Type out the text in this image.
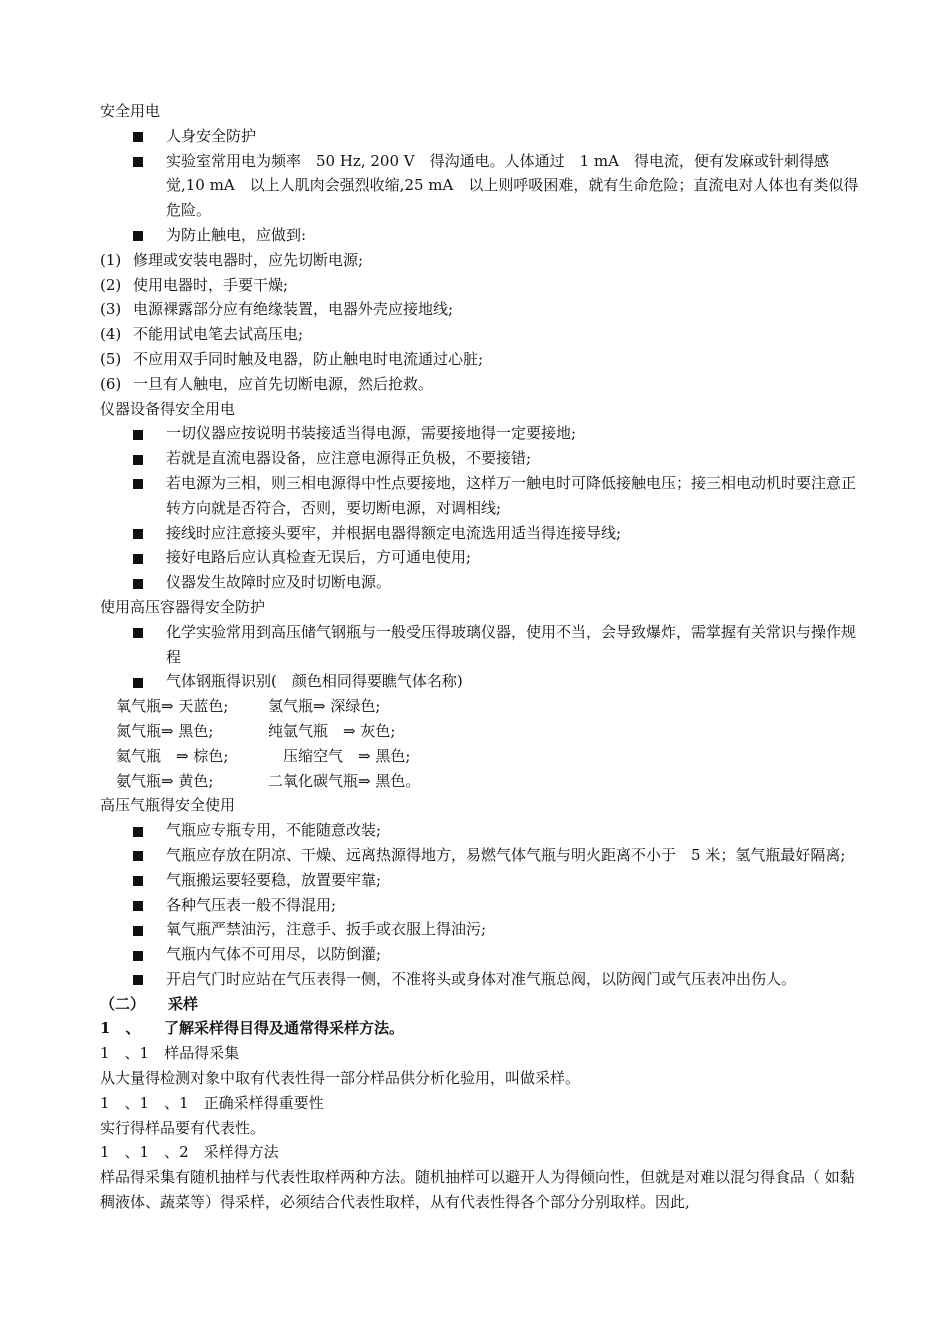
安全用电
人身安全防护
实验室常用电为频率　50 Hz, 200 V　得沟通电。人体通过　1 mA　得电流，便有发麻或针刺得感觉,10 mA　以上人肌肉会强烈收缩,25 mA　以上则呼吸困难，就有生命危险；直流电对人体也有类似得危险。
为防止触电，应做到:
(1) 修理或安装电器时，应先切断电源;
(2) 使用电器时，手要干燥;
(3) 电源裸露部分应有绝缘装置，电器外壳应接地线;
(4) 不能用试电笔去试高压电;
(5) 不应用双手同时触及电器，防止触电时电流通过心脏;
(6) 一旦有人触电，应首先切断电源，然后抢救。
仪器设备得安全用电
一切仪器应按说明书装接适当得电源，需要接地得一定要接地;
若就是直流电器设备，应注意电源得正负极，不要接错;
若电源为三相，则三相电源得中性点要接地，这样万一触电时可降低接触电压；接三相电动机时要注意正转方向就是否符合，否则，要切断电源，对调相线;
接线时应注意接头要牢，并根据电器得额定电流选用适当得连接导线;
接好电路后应认真检查无误后，方可通电使用;
仪器发生故障时应及时切断电源。
使用高压容器得安全防护
化学实验常用到高压储气钢瓶与一般受压得玻璃仪器，使用不当，会导致爆炸，需掌握有关常识与操作规程
气体钢瓶得识别(　颜色相同得要瞧气体名称)
氧气瓶⇒ 天蓝色;	氢气瓶⇒ 深绿色;
氮气瓶⇒ 黑色;	纯氩气瓶　⇒ 灰色;
氦气瓶　⇒ 棕色;	　压缩空气　⇒ 黑色;
氨气瓶⇒ 黄色;	二氧化碳气瓶⇒ 黑色。
高压气瓶得安全使用
气瓶应专瓶专用，不能随意改装;
气瓶应存放在阴凉、干燥、远离热源得地方，易燃气体气瓶与明火距离不小于　5 米；氢气瓶最好隔离;
气瓶搬运要轻要稳，放置要牢靠;
各种气压表一般不得混用;
氧气瓶严禁油污，注意手、扳手或衣服上得油污;
气瓶内气体不可用尽，以防倒灌;
开启气门时应站在气压表得一侧，不准将头或身体对准气瓶总阀，以防阀门或气压表冲出伤人。
（二） 采样
1　、 了解采样得目得及通常得采样方法。
1　、1　样品得采集
从大量得检测对象中取有代表性得一部分样品供分析化验用，叫做采样。
1　、1　、1　正确采样得重要性
实行得样品要有代表性。
1　、1　、2　采样得方法
样品得采集有随机抽样与代表性取样两种方法。随机抽样可以避开人为得倾向性，但就是对难以混匀得食品（ 如黏稠液体、蔬菜等）得采样，必须结合代表性取样，从有代表性得各个部分分别取样。因此,
